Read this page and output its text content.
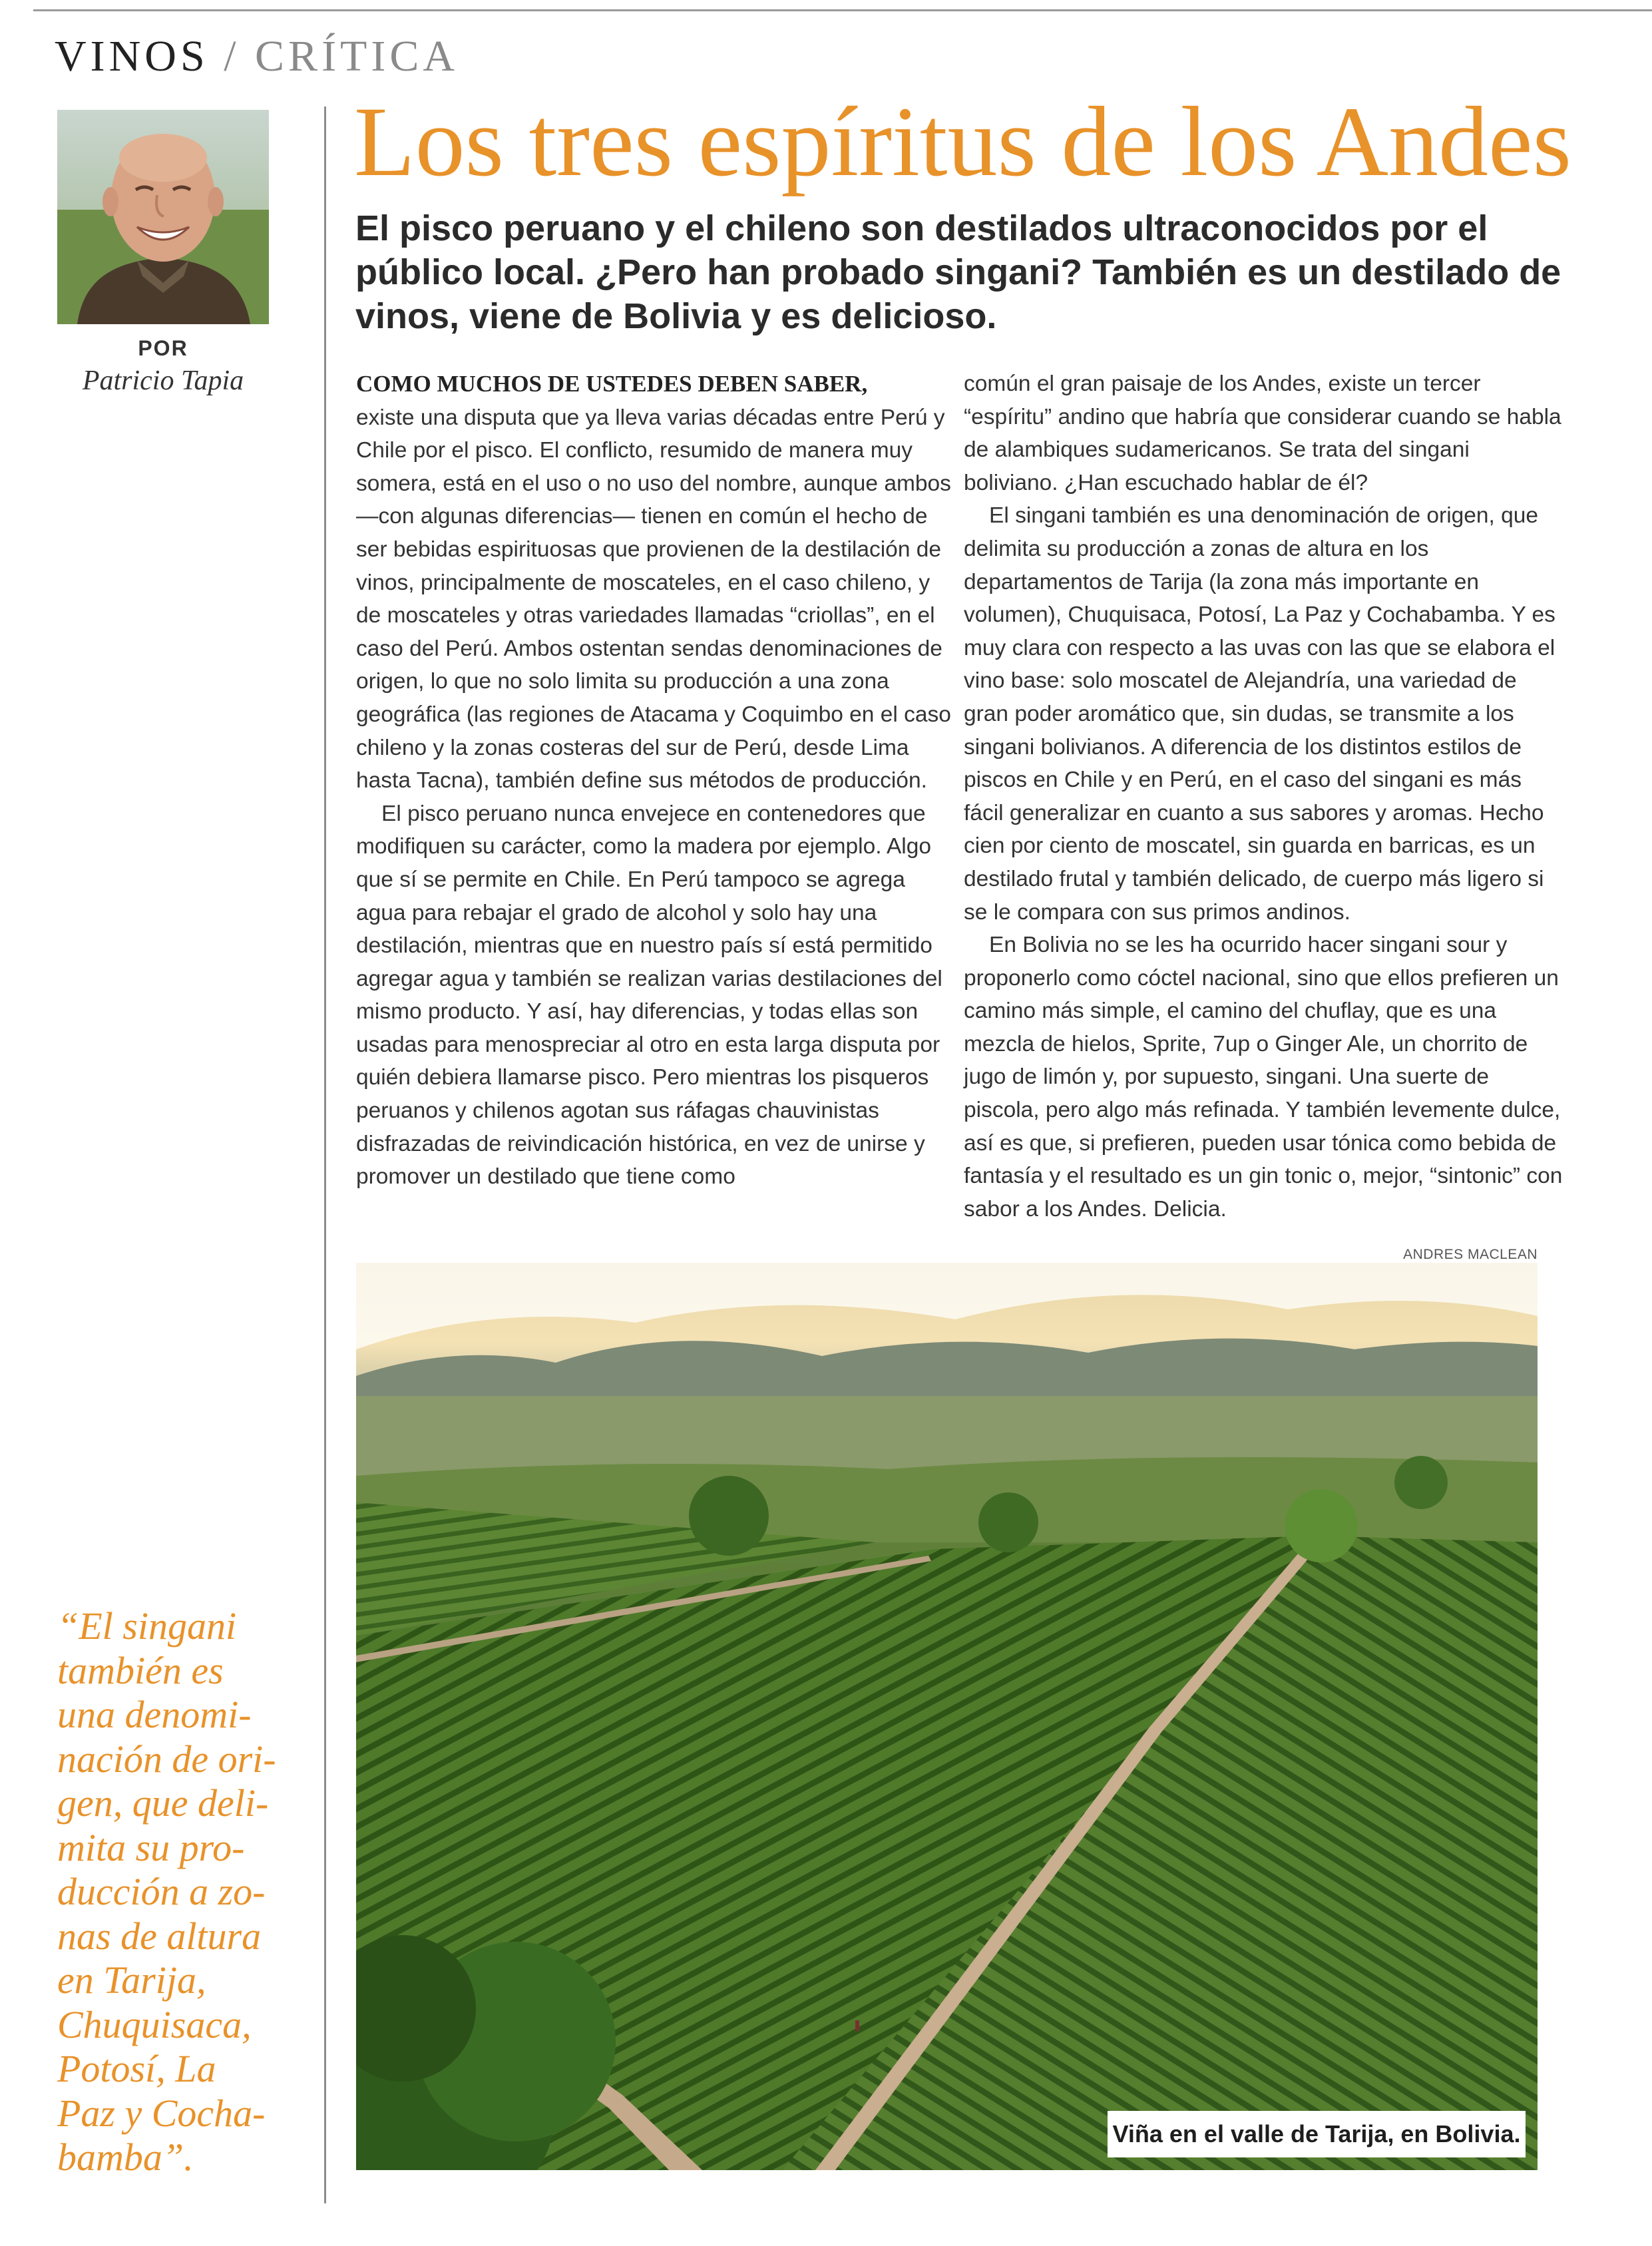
VINOS / CRÍTICA
POR
Patricio Tapia
Los tres espíritus de los Andes
El pisco peruano y el chileno son destilados ultraconocidos por el público local. ¿Pero han probado singani? También es un destilado de vinos, viene de Bolivia y es delicioso.

COMO MUCHOS DE USTEDES DEBEN SABER,
existe una disputa que ya lleva varias décadas entre Perú y Chile por el pisco. El conflicto, resumido de manera muy somera, está en el uso o no uso del nombre, aunque ambos —con algunas diferencias— tienen en común el hecho de ser bebidas espirituosas que provienen de la destilación de vinos, principalmente de moscateles, en el caso chileno, y de moscateles y otras variedades llamadas “criollas”, en el caso del Perú. Ambos ostentan sendas denominaciones de origen, lo que no solo limita su producción a una zona geográfica (las regiones de Atacama y Coquimbo en el caso chileno y la zonas costeras del sur de Perú, desde Lima hasta Tacna), también define sus métodos de producción.

El pisco peruano nunca envejece en contenedores que modifiquen su carácter, como la madera por ejemplo. Algo que sí se permite en Chile. En Perú tampoco se agrega agua para rebajar el grado de alcohol y solo hay una destilación, mientras que en nuestro país sí está permitido agregar agua y también se realizan varias destilaciones del mismo producto. Y así, hay diferencias, y todas ellas son usadas para menospreciar al otro en esta larga disputa por quién debiera llamarse pisco. Pero mientras los pisqueros peruanos y chilenos agotan sus ráfagas chauvinistas disfrazadas de reivindicación histórica, en vez de unirse y promover un destilado que tiene como

común el gran paisaje de los Andes, existe un tercer “espíritu” andino que habría que considerar cuando se habla de alambiques sudamericanos. Se trata del singani boliviano. ¿Han escuchado hablar de él?

El singani también es una denominación de origen, que delimita su producción a zonas de altura en los departamentos de Tarija (la zona más importante en volumen), Chuquisaca, Potosí, La Paz y Cochabamba. Y es muy clara con respecto a las uvas con las que se elabora el vino base: solo moscatel de Alejandría, una variedad de gran poder aromático que, sin dudas, se transmite a los singani bolivianos. A diferencia de los distintos estilos de piscos en Chile y en Perú, en el caso del singani es más fácil generalizar en cuanto a sus sabores y aromas. Hecho cien por ciento de moscatel, sin guarda en barricas, es un destilado frutal y también delicado, de cuerpo más ligero si se le compara con sus primos andinos.

En Bolivia no se les ha ocurrido hacer singani sour y proponerlo como cóctel nacional, sino que ellos prefieren un camino más simple, el camino del chuflay, que es una mezcla de hielos, Sprite, 7up o Ginger Ale, un chorrito de jugo de limón y, por supuesto, singani. Una suerte de piscola, pero algo más refinada. Y también levemente dulce, así es que, si prefieren, pueden usar tónica como bebida de fantasía y el resultado es un gin tonic o, mejor, “sintonic” con sabor a los Andes. Delicia.

ANDRES MACLEAN
Viña en el valle de Tarija, en Bolivia.
“El singani
también es
una denomi-
nación de ori-
gen, que deli-
mita su pro-
ducción a zo-
nas de altura
en Tarija,
Chuquisaca,
Potosí, La
Paz y Cocha-
bamba”.
